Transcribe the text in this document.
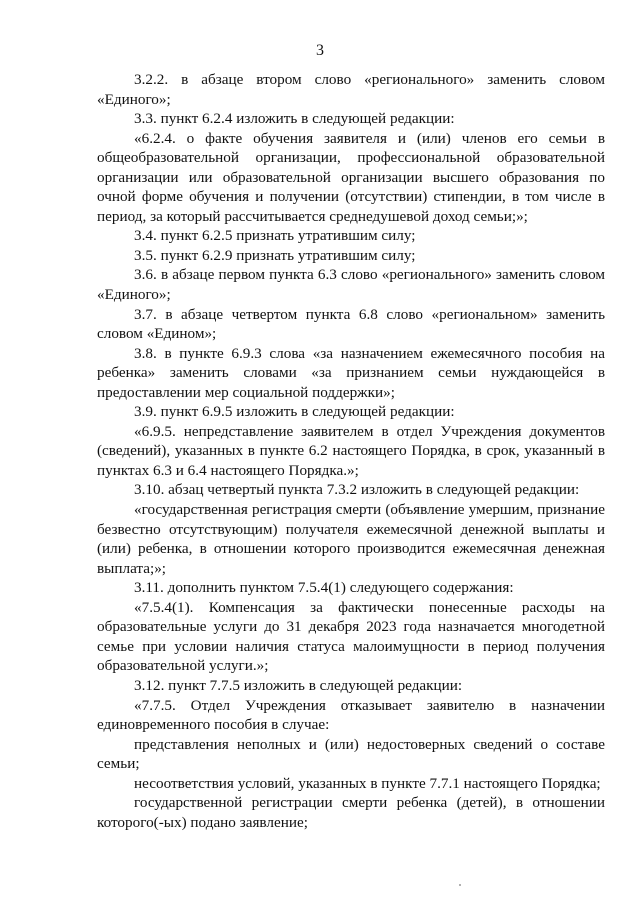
3

3.2.2. в абзаце втором слово «регионального» заменить словом «Единого»;

3.3. пункт 6.2.4 изложить в следующей редакции:

«6.2.4. о факте обучения заявителя и (или) членов его семьи в общеобразовательной организации, профессиональной образовательной организации или образовательной организации высшего образования по очной форме обучения и получении (отсутствии) стипендии, в том числе в период, за который рассчитывается среднедушевой доход семьи;»;

3.4. пункт 6.2.5 признать утратившим силу;

3.5. пункт 6.2.9 признать утратившим силу;

3.6. в абзаце первом пункта 6.3 слово «регионального» заменить словом «Единого»;

3.7. в абзаце четвертом пункта 6.8 слово «региональном» заменить словом «Едином»;

3.8. в пункте 6.9.3 слова «за назначением ежемесячного пособия на ребенка» заменить словами «за признанием семьи нуждающейся в предоставлении мер социальной поддержки»;

3.9. пункт 6.9.5 изложить в следующей редакции:

«6.9.5. непредставление заявителем в отдел Учреждения документов (сведений), указанных в пункте 6.2 настоящего Порядка, в срок, указанный в пунктах 6.3 и 6.4 настоящего Порядка.»;

3.10. абзац четвертый пункта 7.3.2 изложить в следующей редакции:

«государственная регистрация смерти (объявление умершим, признание безвестно отсутствующим) получателя ежемесячной денежной выплаты и (или) ребенка, в отношении которого производится ежемесячная денежная выплата;»;

3.11. дополнить пунктом 7.5.4(1) следующего содержания:

«7.5.4(1). Компенсация за фактически понесенные расходы на образовательные услуги до 31 декабря 2023 года назначается многодетной семье при условии наличия статуса малоимущности в период получения образовательной услуги.»;

3.12. пункт 7.7.5 изложить в следующей редакции:

«7.7.5. Отдел Учреждения отказывает заявителю в назначении единовременного пособия в случае:

представления неполных и (или) недостоверных сведений о составе семьи;

несоответствия условий, указанных в пункте 7.7.1 настоящего Порядка;

государственной регистрации смерти ребенка (детей), в отношении которого(-ых) подано заявление;
